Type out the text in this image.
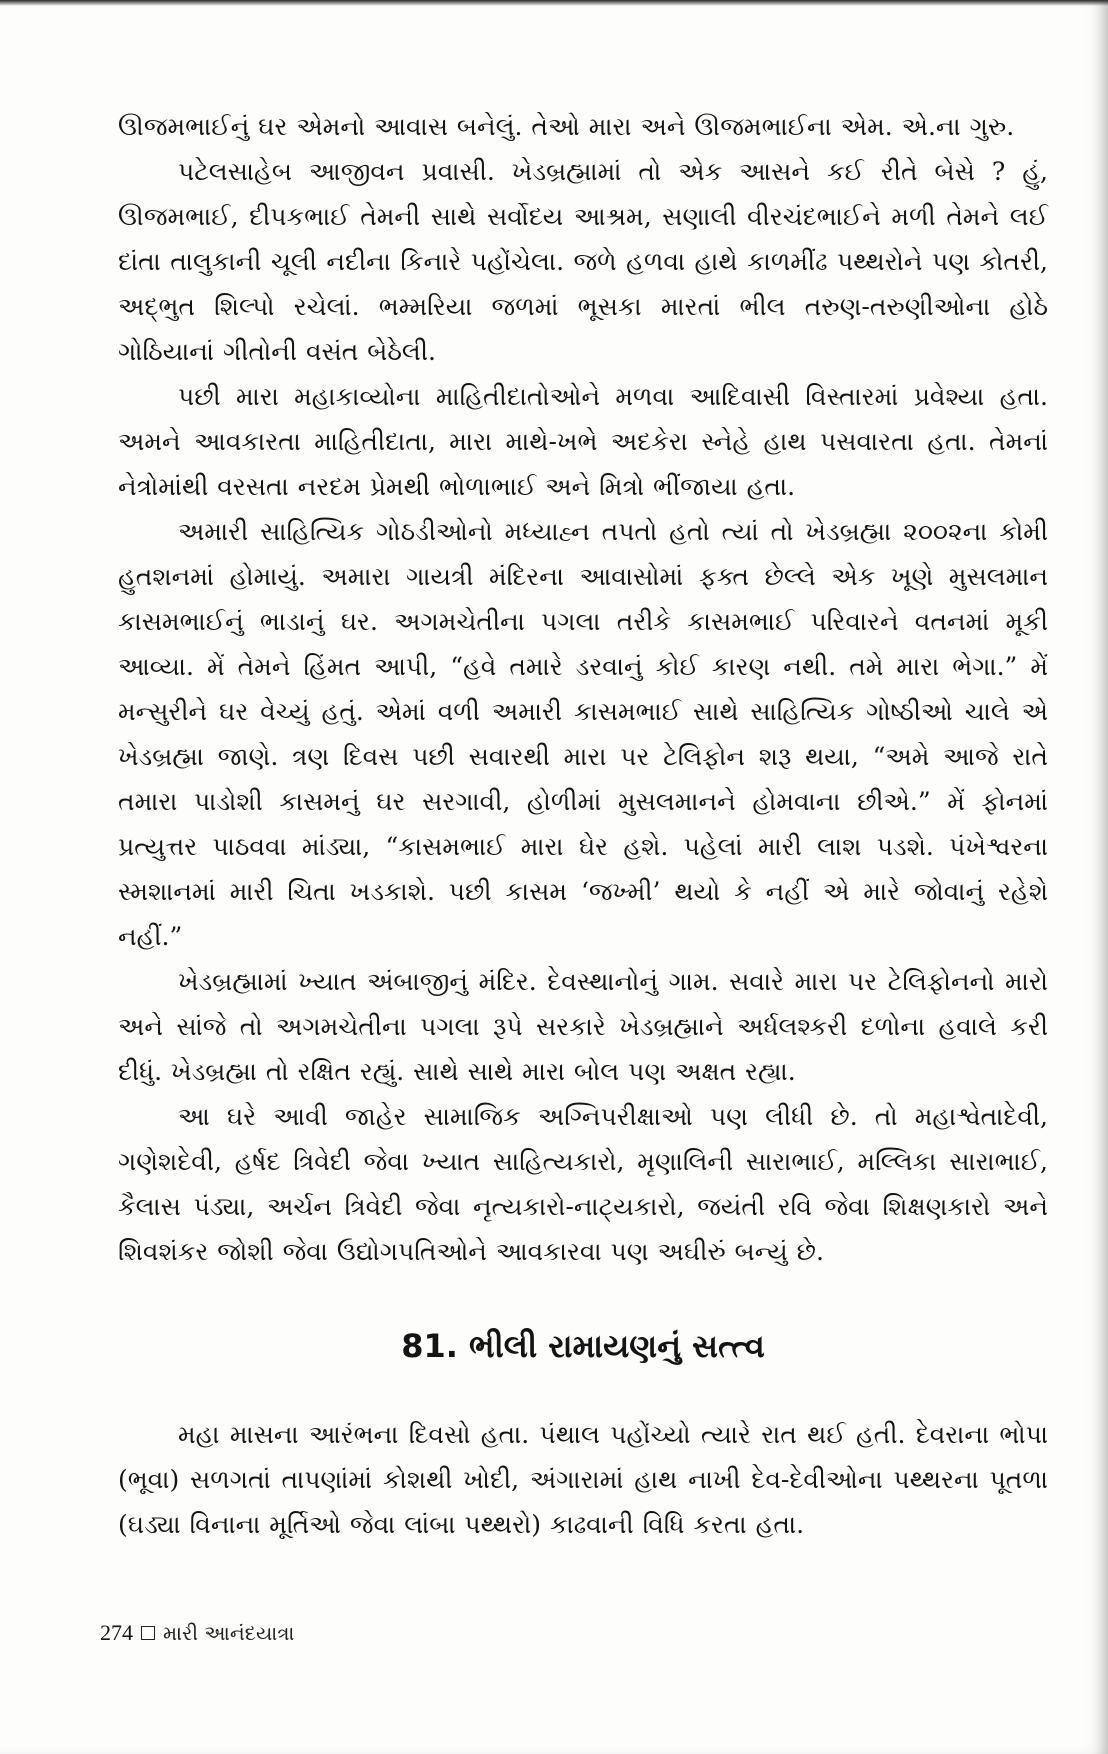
ઊજમભાઈનું ઘર એમનો આવાસ બનેલું. તેઓ મારા અને ઊજમભાઈના એમ. એ.ના ગુરુ.

પટેલસાહેબ આજીવન પ્રવાસી. ખેડબ્રહ્મામાં તો એક આસને કઈ રીતે બેસે ? હું, ઊજમભાઈ, દીપકભાઈ તેમની સાથે સર્વોદય આશ્રમ, સણાલી વીરચંદભાઈને મળી તેમને લઈ દાંતા તાલુકાની ચૂલી નદીના કિનારે પહોંચેલા. જળે હળવા હાથે કાળમીંઢ પથ્થરોને પણ કોતરી, અદ્ભુત શિલ્પો રચેલાં. ભમ્મરિયા જળમાં ભૂસકા મારતાં ભીલ તરુણ-તરુણીઓના હોઠે ગોઠિયાનાં ગીતોની વસંત બેઠેલી.

પછી મારા મહાકાવ્યોના માહિતીદાતોઓને મળવા આદિવાસી વિસ્તારમાં પ્રવેશ્યા હતા. અમને આવકારતા માહિતીદાતા, મારા માથે-ખભે અદકેરા સ્નેહે હાથ પસવારતા હતા. તેમનાં નેત્રોમાંથી વરસતા નરદમ પ્રેમથી ભોળાભાઈ અને મિત્રો ભીંજાયા હતા.

અમારી સાહિત્યિક ગોઠડીઓનો મધ્યાહ્ન તપતો હતો ત્યાં તો ખેડબ્રહ્મા ૨૦૦૨ના કોમી હુતશનમાં હોમાયું. અમારા ગાયત્રી મંદિરના આવાસોમાં ફક્ત છેલ્લે એક ખૂણે મુસલમાન કાસમભાઈનું ભાડાનું ઘર. અગમચેતીના પગલા તરીકે કાસમભાઈ પરિવારને વતનમાં મૂકી આવ્યા. મેં તેમને હિંમત આપી, “હવે તમારે ડરવાનું કોઈ કારણ નથી. તમે મારા ભેગા.” મેં મન્સુરીને ઘર વેચ્યું હતું. એમાં વળી અમારી કાસમભાઈ સાથે સાહિત્યિક ગોષ્ઠીઓ ચાલે એ ખેડબ્રહ્મા જાણે. ત્રણ દિવસ પછી સવારથી મારા પર ટેલિફોન શરૂ થયા, “અમે આજે રાતે તમારા પાડોશી કાસમનું ઘર સરગાવી, હોળીમાં મુસલમાનને હોમવાના છીએ.” મેં ફોનમાં પ્રત્યુત્તર પાઠવવા માંડ્યા, “કાસમભાઈ મારા ઘેર હશે. પહેલાં મારી લાશ પડશે. પંખેશ્વરના સ્મશાનમાં મારી ચિતા ખડકાશે. પછી કાસમ ‘જખ્મી’ થયો કે નહીં એ મારે જોવાનું રહેશે નહીં.”

ખેડબ્રહ્મામાં ખ્યાત અંબાજીનું મંદિર. દેવસ્થાનોનું ગામ. સવારે મારા પર ટેલિફોનનો મારો અને સાંજે તો અગમચેતીના પગલા રૂપે સરકારે ખેડબ્રહ્માને અર્ધલશ્કરી દળોના હવાલે કરી દીધું. ખેડબ્રહ્મા તો રક્ષિત રહ્યું. સાથે સાથે મારા બોલ પણ અક્ષત રહ્યા.

આ ઘરે આવી જાહેર સામાજિક અગ્નિપરીક્ષાઓ પણ લીધી છે. તો મહાશ્વેતાદેવી, ગણેશદેવી, હર્ષદ ત્રિવેદી જેવા ખ્યાત સાહિત્યકારો, મૃણાલિની સારાભાઈ, મલ્લિકા સારાભાઈ, કૈલાસ પંડ્યા, અર્ચન ત્રિવેદી જેવા નૃત્યકારો-નાટ્યકારો, જયંતી રવિ જેવા શિક્ષણકારો અને શિવશંકર જોશી જેવા ઉદ્યોગપતિઓને આવકારવા પણ અઘીરું બન્યું છે.

81. ભીલી રામાયણનું સત્ત્વ

મહા માસના આરંભના દિવસો હતા. પંથાલ પહોંચ્યો ત્યારે રાત થઈ હતી. દેવરાના ભોપા (ભૂવા) સળગતાં તાપણાંમાં કોશથી ખોદી, અંગારામાં હાથ નાખી દેવ-દેવીઓના પથ્થરના પૂતળા (ઘડ્યા વિનાના મૂર્તિઓ જેવા લાંબા પથ્થરો) કાઢવાની વિધિ કરતા હતા.

274 મારી આનંદયાત્રા
